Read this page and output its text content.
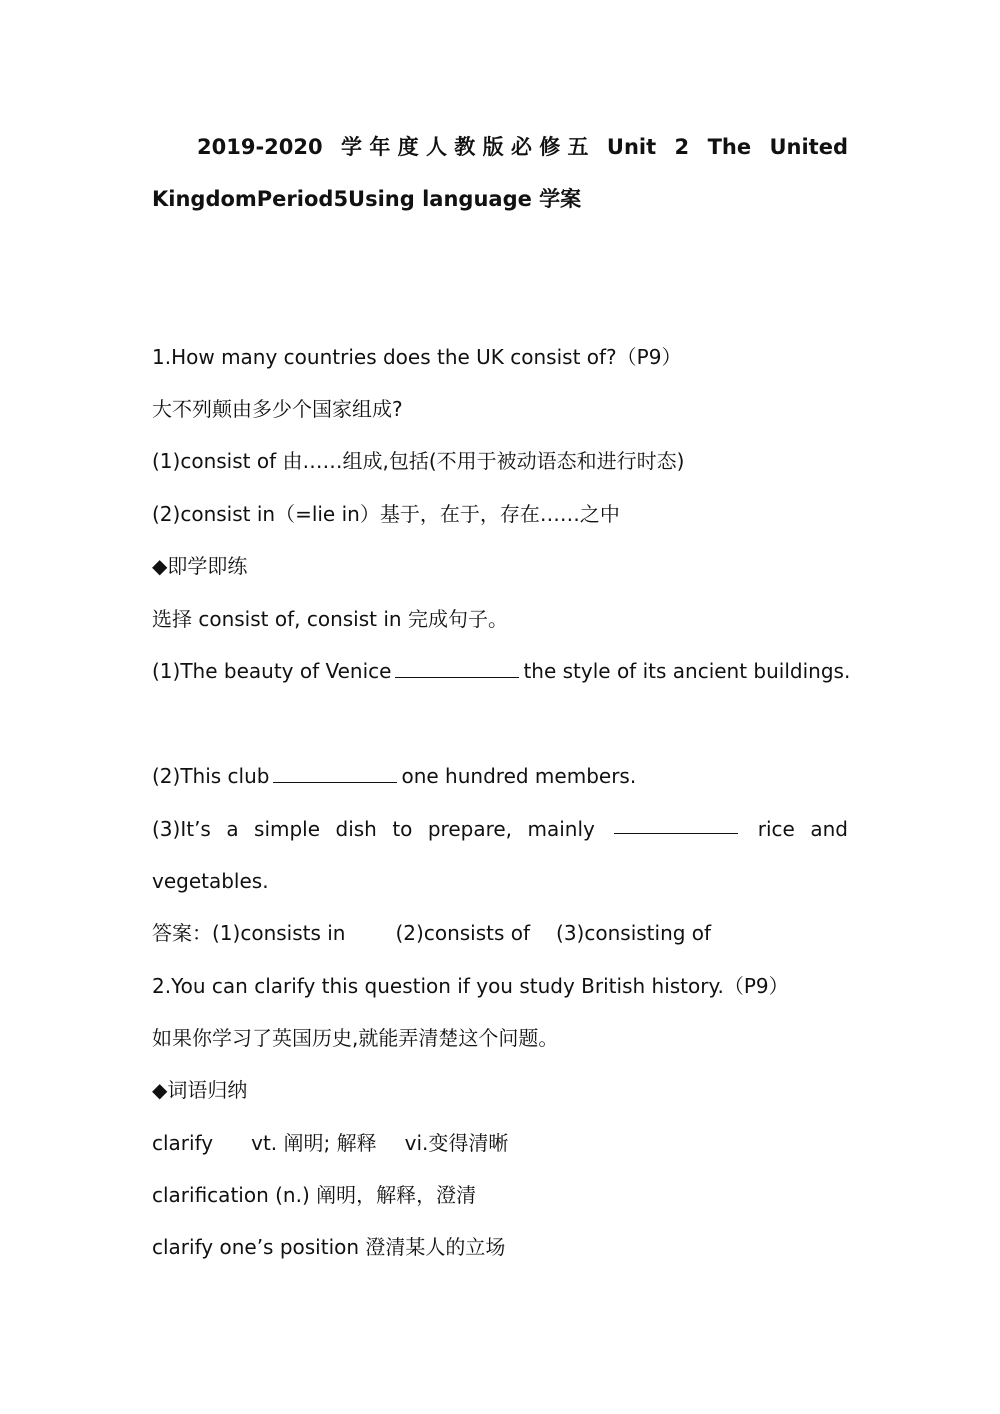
2019-2020 学 年 度 人 教 版 必 修 五 Unit 2 The United
KingdomPeriod5Using language 学案
1.How many countries does the UK consist of?（P9）
大不列颠由多少个国家组成?
(1)consist of 由……组成,包括(不用于被动语态和进行时态)
(2)consist in（=lie in）基于，在于，存在……之中
◆即学即练
选择 consist of, consist in 完成句子。
(1)The beauty of Venice	the style of its ancient buildings.
(2)This club	one hundred members.
(3)It’s a simple dish to prepare, mainly	rice and
vegetables.
答案：(1)consists in	(2)consists of (3)consisting of
2.You can clarify this question if you study British history.（P9）
如果你学习了英国历史,就能弄清楚这个问题。
◆词语归纳
clarify vt. 阐明; 解释 vi.变得清晰
clarification (n.) 阐明，解释，澄清
clarify one’s position 澄清某人的立场
